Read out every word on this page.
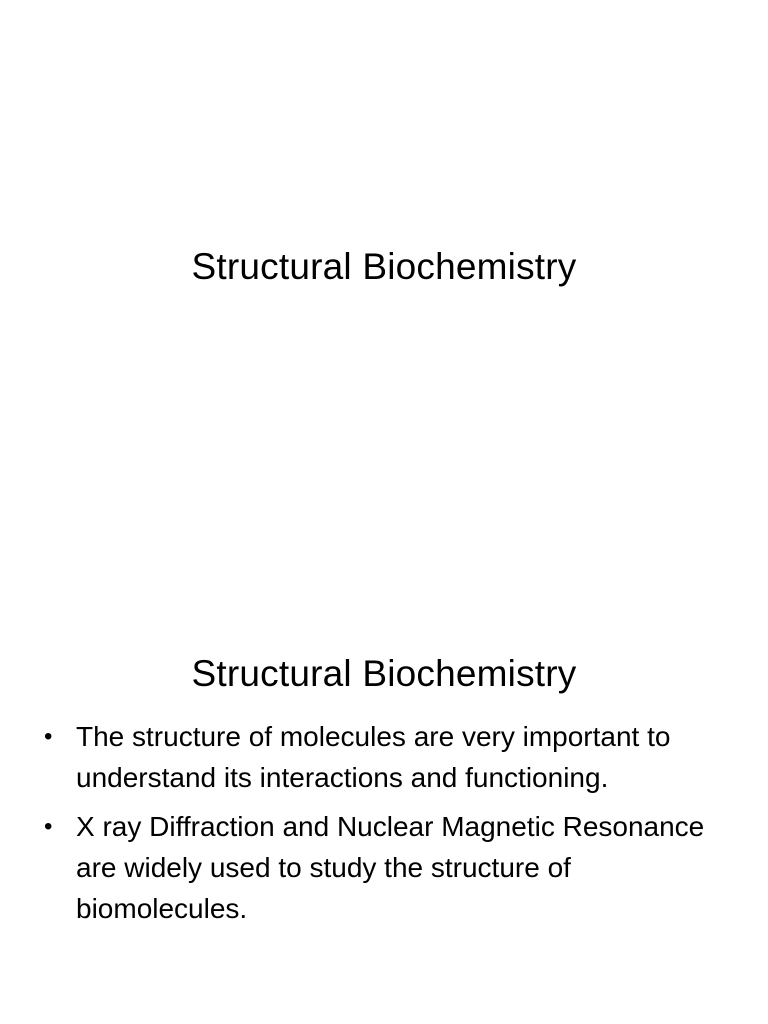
Structural Biochemistry
Structural Biochemistry
• The structure of molecules are very important to understand its interactions and functioning.
• X ray Diffraction and Nuclear Magnetic Resonance are widely used to study the structure of biomolecules.
